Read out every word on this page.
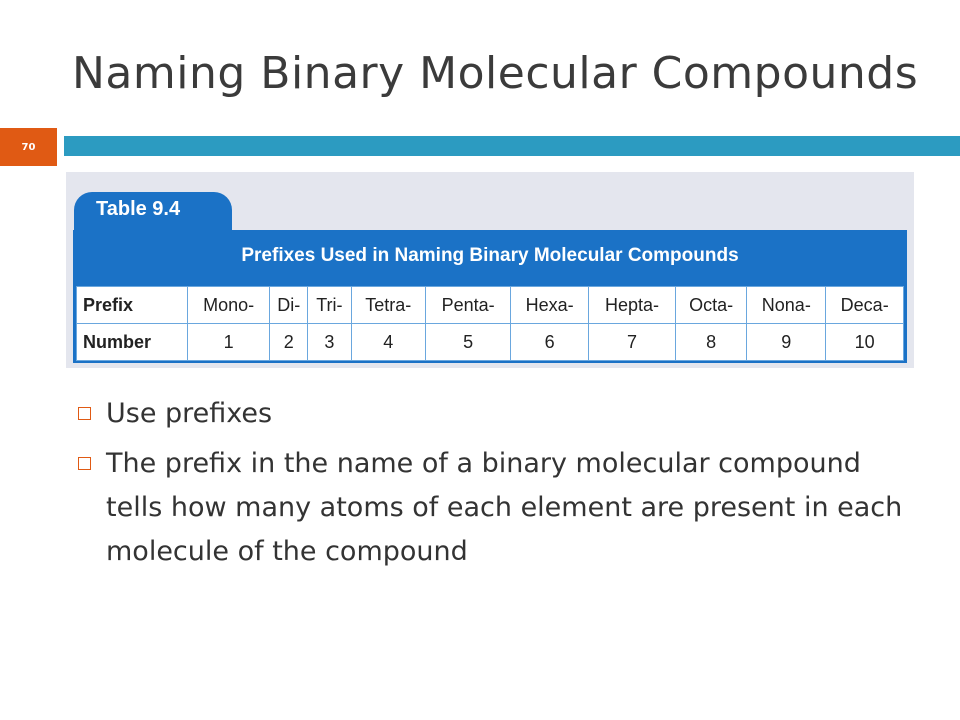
Naming Binary Molecular Compounds
70
Table 9.4
Prefixes Used in Naming Binary Molecular Compounds
Prefix	Mono-	Di-	Tri-	Tetra-	Penta-	Hexa-	Hepta-	Octa-	Nona-	Deca-
Number	1	2	3	4	5	6	7	8	9	10
Use prefixes
The prefix in the name of a binary molecular compound tells how many atoms of each element are present in each molecule of the compound
